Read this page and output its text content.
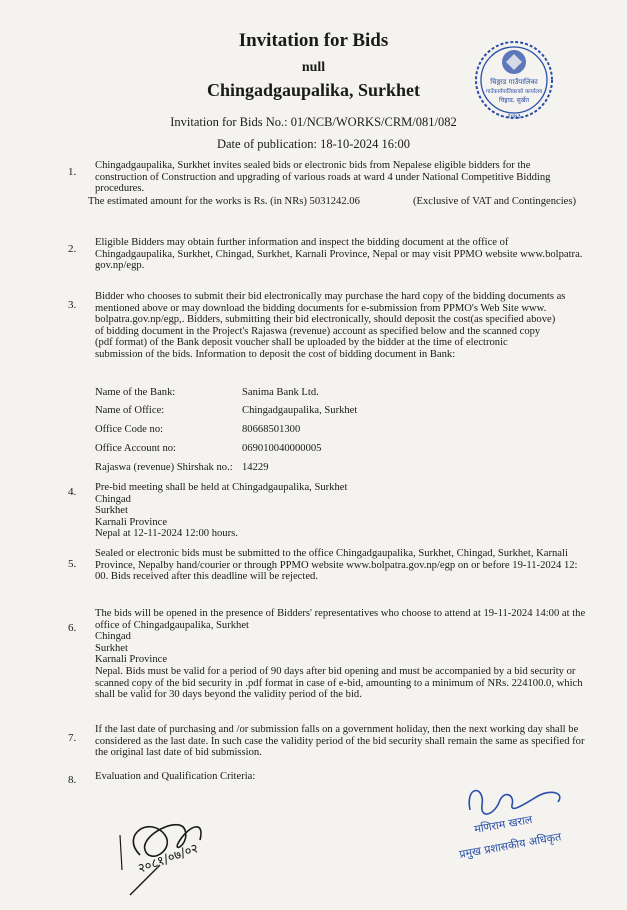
Invitation for Bids
null
Chingadgaupalika, Surkhet
Invitation for Bids No.: 01/NCB/WORKS/CRM/081/082
Date of publication: 18-10-2024 16:00
चिङ्गाड गाउँपालिका
गाउँकार्यपालिकाको कार्यालय
चिङ्गाड, सुर्खेत
२०७३
1.
Chingadgaupalika, Surkhet invites sealed bids or electronic bids from Nepalese eligible bidders for the
construction of Construction and upgrading of various roads at ward 4 under National Competitive Bidding
procedures.
The estimated amount for the works is Rs. (in NRs) 5031242.06	(Exclusive of VAT and Contingencies)
2.
Eligible Bidders may obtain further information and inspect the bidding document at the office of
Chingadgaupalika, Surkhet, Chingad, Surkhet, Karnali Province, Nepal or may visit PPMO website www.bolpatra.
gov.np/egp.
3.
Bidder who chooses to submit their bid electronically may purchase the hard copy of the bidding documents as
mentioned above or may download the bidding documents for e-submission from PPMO's Web Site www.
bolpatra.gov.np/egp,. Bidders, submitting their bid electronically, should deposit the cost(as specified above)
of bidding document in the Project's Rajaswa (revenue) account as specified below and the scanned copy
(pdf format) of the Bank deposit voucher shall be uploaded by the bidder at the time of electronic
submission of the bids. Information to deposit the cost of bidding document in Bank:
Name of the Bank:	Sanima Bank Ltd.
Name of Office:	Chingadgaupalika, Surkhet
Office Code no:	80668501300
Office Account no:	069010040000005
Rajaswa (revenue) Shirshak no.: 14229
4. Pre-bid meeting shall be held at Chingadgaupalika, Surkhet
Chingad
Surkhet
Karnali Province
Nepal at 12-11-2024 12:00 hours.
5.
Sealed or electronic bids must be submitted to the office Chingadgaupalika, Surkhet, Chingad, Surkhet, Karnali
Province, Nepalby hand/courier or through PPMO website www.bolpatra.gov.np/egp on or before 19-11-2024 12:
00. Bids received after this deadline will be rejected.
6.
The bids will be opened in the presence of Bidders' representatives who choose to attend at 19-11-2024 14:00 at the
office of Chingadgaupalika, Surkhet
Chingad
Surkhet
Karnali Province
Nepal. Bids must be valid for a period of 90 days after bid opening and must be accompanied by a bid security or
scanned copy of the bid security in .pdf format in case of e-bid, amounting to a minimum of NRs. 224100.0, which
shall be valid for 30 days beyond the validity period of the bid.
7.
If the last date of purchasing and /or submission falls on a government holiday, then the next working day shall be
considered as the last date. In such case the validity period of the bid security shall remain the same as specified for
the original last date of bid submission.
8. Evaluation and Qualification Criteria:
२०८१/०७/०२
मणिराम खराल
प्रमुख प्रशासकीय अधिकृत
